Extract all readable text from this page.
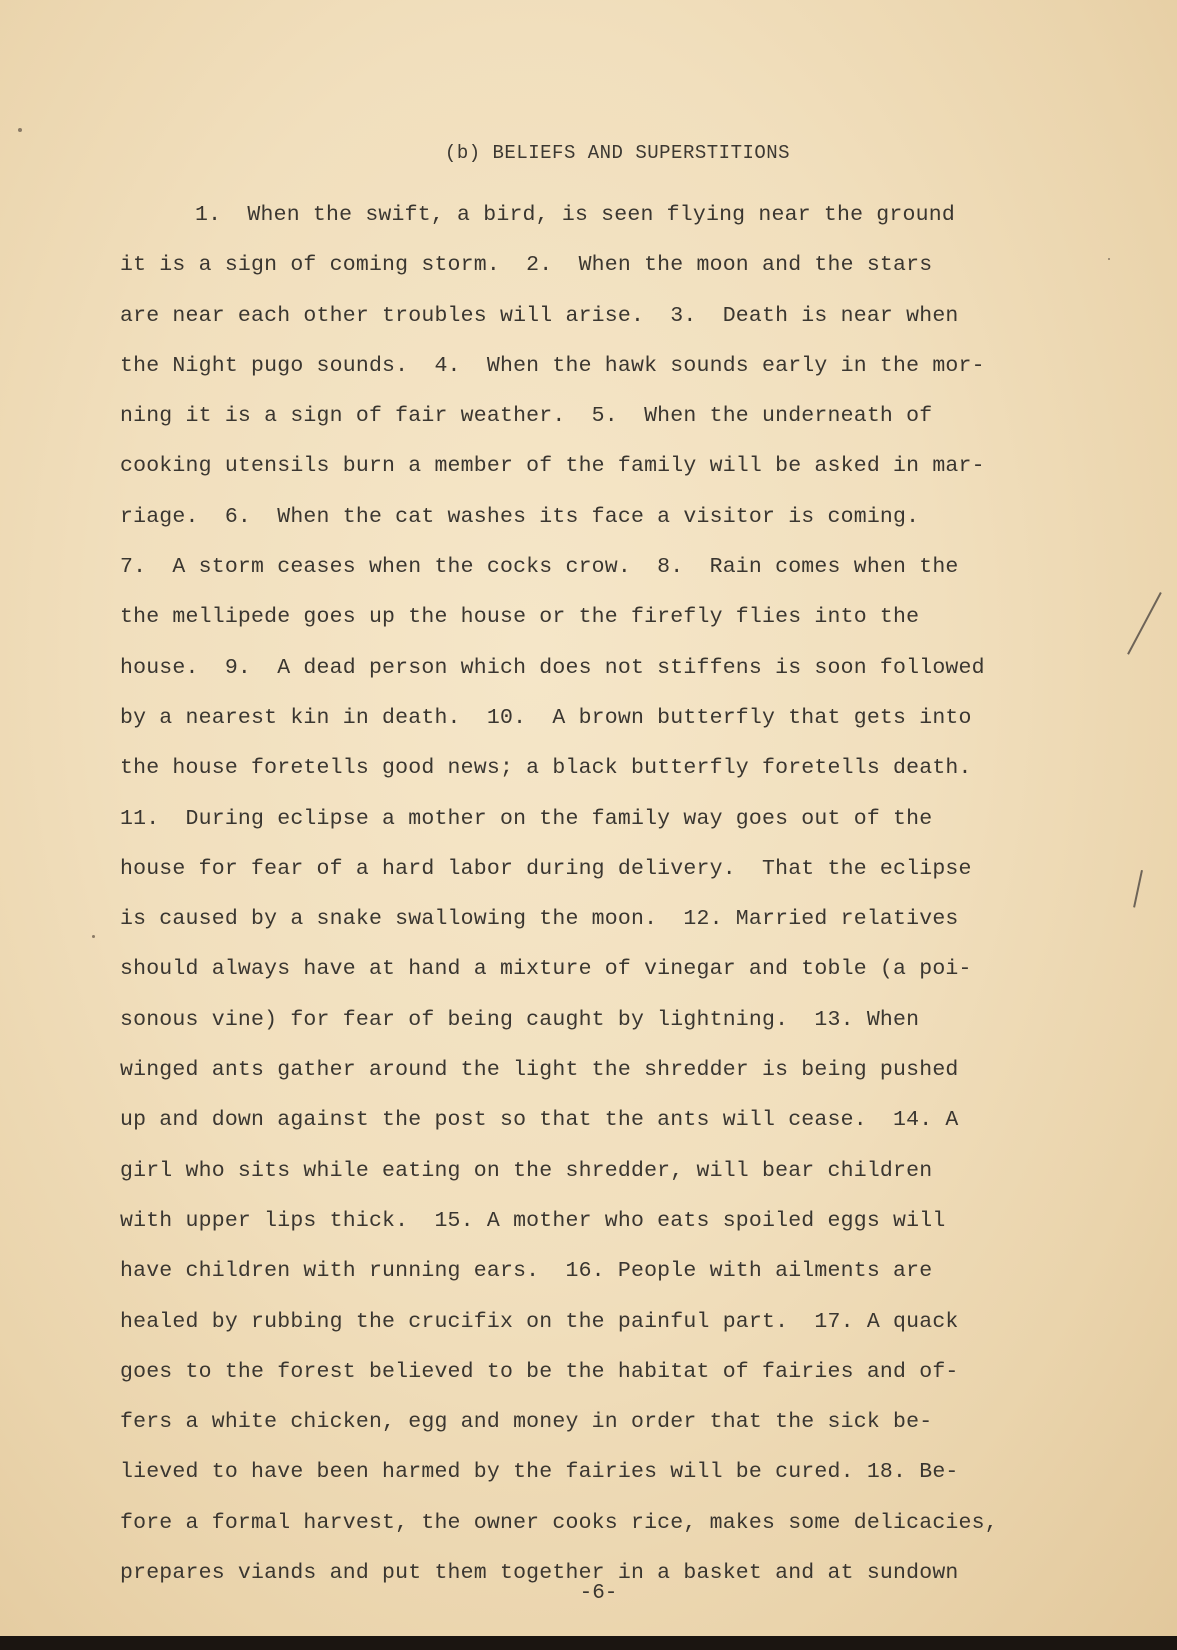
(b) BELIEFS AND SUPERSTITIONS
1.  When the swift, a bird, is seen flying near the ground
it is a sign of coming storm.  2.  When the moon and the stars
are near each other troubles will arise.  3.  Death is near when
the Night pugo sounds.  4.  When the hawk sounds early in the mor-
ning it is a sign of fair weather.  5.  When the underneath of
cooking utensils burn a member of the family will be asked in mar-
riage.  6.  When the cat washes its face a visitor is coming.
7.  A storm ceases when the cocks crow.  8.  Rain comes when the
the mellipede goes up the house or the firefly flies into the
house.  9.  A dead person which does not stiffens is soon followed
by a nearest kin in death.  10.  A brown butterfly that gets into
the house foretells good news; a black butterfly foretells death.
11.  During eclipse a mother on the family way goes out of the
house for fear of a hard labor during delivery.  That the eclipse
is caused by a snake swallowing the moon.  12. Married relatives
should always have at hand a mixture of vinegar and toble (a poi-
sonous vine) for fear of being caught by lightning.  13. When
winged ants gather around the light the shredder is being pushed
up and down against the post so that the ants will cease.  14. A
girl who sits while eating on the shredder, will bear children
with upper lips thick.  15. A mother who eats spoiled eggs will
have children with running ears.  16. People with ailments are
healed by rubbing the crucifix on the painful part.  17. A quack
goes to the forest believed to be the habitat of fairies and of-
fers a white chicken, egg and money in order that the sick be-
lieved to have been harmed by the fairies will be cured. 18. Be-
fore a formal harvest, the owner cooks rice, makes some delicacies,
prepares viands and put them together in a basket and at sundown
-6-
